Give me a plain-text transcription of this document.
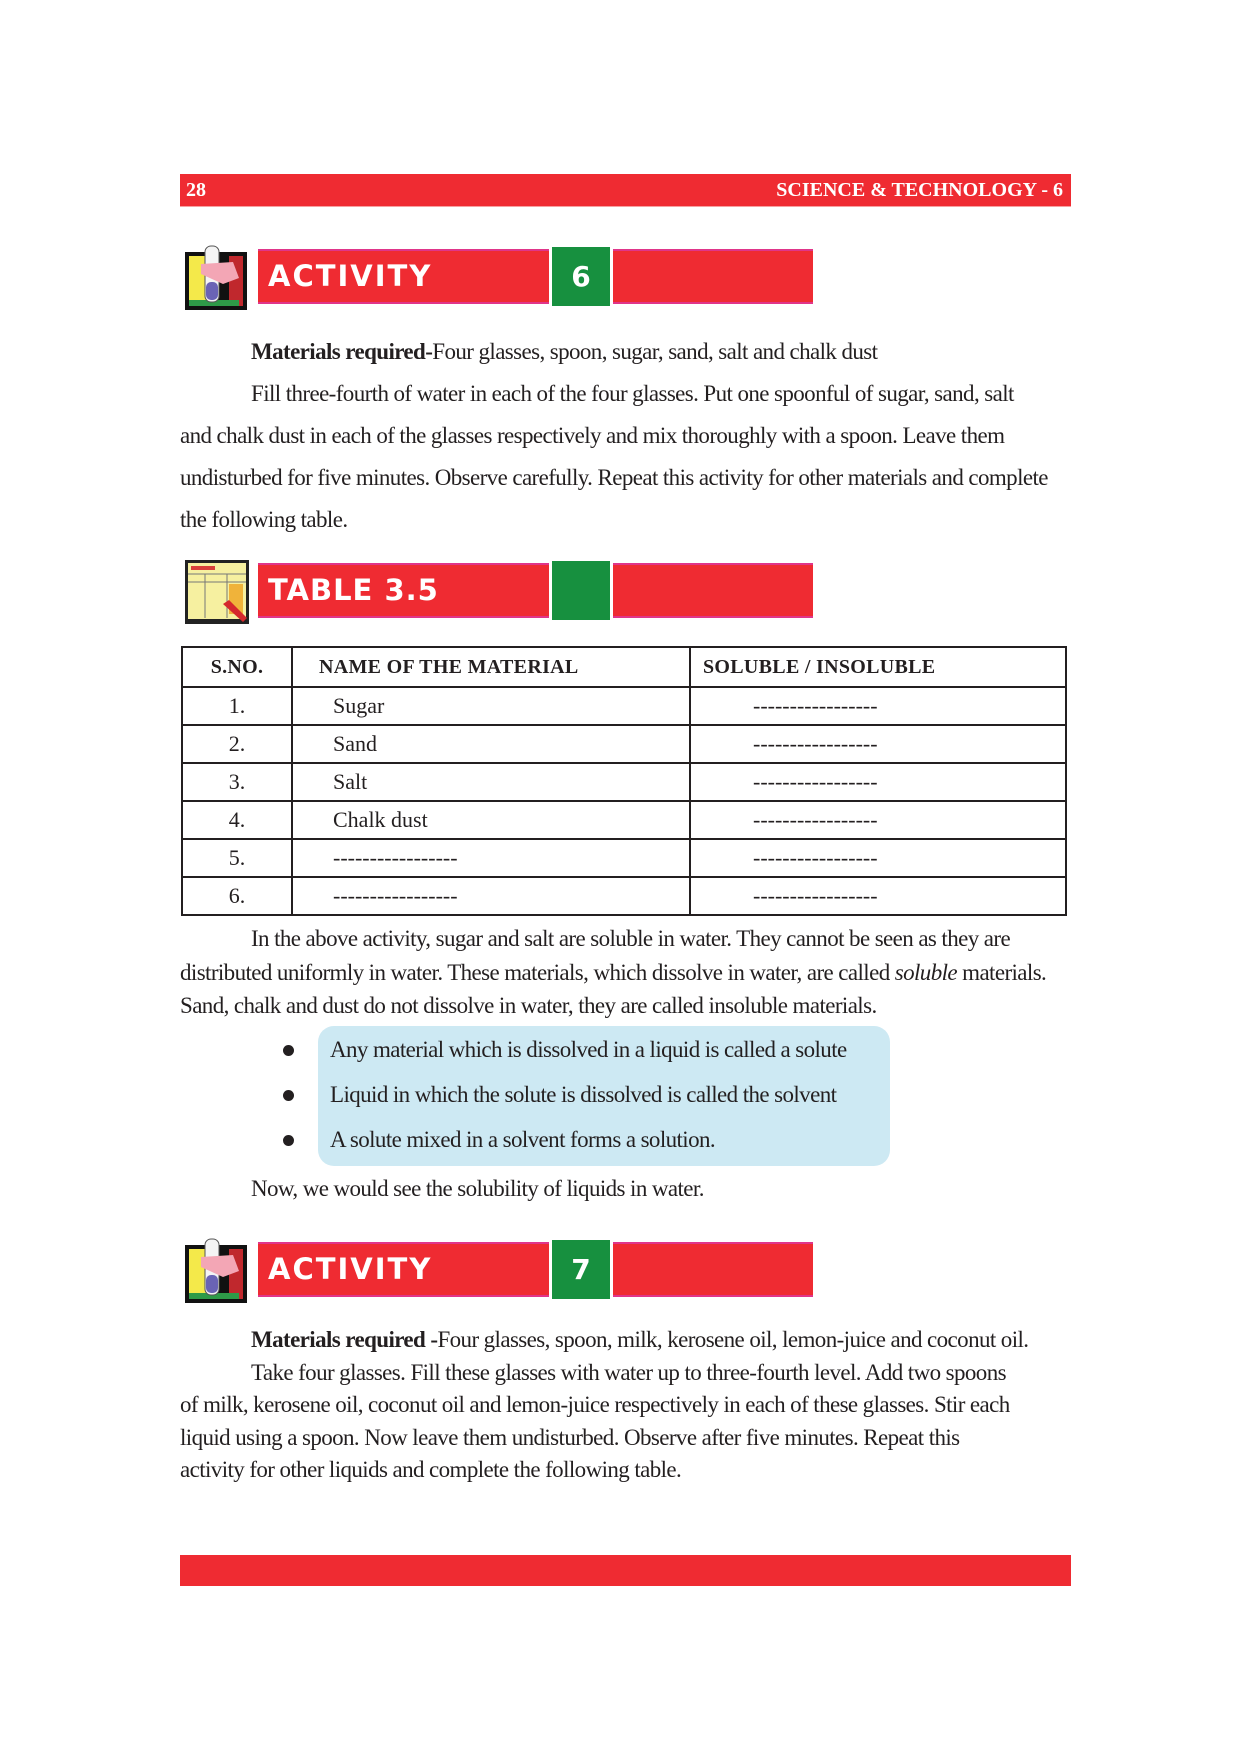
28	SCIENCE & TECHNOLOGY - 6
ACTIVITY	6
Materials required-Four glasses, spoon, sugar, sand, salt and chalk dust
Fill three-fourth of water in each of the four glasses. Put one spoonful of sugar, sand, salt
and chalk dust in each of the glasses respectively and mix thoroughly with a spoon. Leave them
undisturbed for five minutes. Observe carefully. Repeat this activity for other materials and complete
the following table.
TABLE 3.5
S.NO.	NAME OF THE MATERIAL	SOLUBLE / INSOLUBLE
1.	Sugar	-----------------
2.	Sand	-----------------
3.	Salt	-----------------
4.	Chalk dust	-----------------
5.	-----------------	-----------------
6.	-----------------	-----------------
In the above activity, sugar and salt are soluble in water. They cannot be seen as they are
distributed uniformly in water. These materials, which dissolve in water, are called soluble materials.
Sand, chalk and dust do not dissolve in water, they are called insoluble materials.
Any material which is dissolved in a liquid is called a solute
Liquid in which the solute is dissolved is called the solvent
A solute mixed in a solvent forms a solution.
Now, we would see the solubility of liquids in water.
ACTIVITY	7
Materials required -Four glasses, spoon, milk, kerosene oil, lemon-juice and coconut oil.
Take four glasses. Fill these glasses with water up to three-fourth level. Add two spoons
of milk, kerosene oil, coconut oil and lemon-juice respectively in each of these glasses. Stir each
liquid using a spoon. Now leave them undisturbed. Observe after five minutes. Repeat this
activity for other liquids and complete the following table.
